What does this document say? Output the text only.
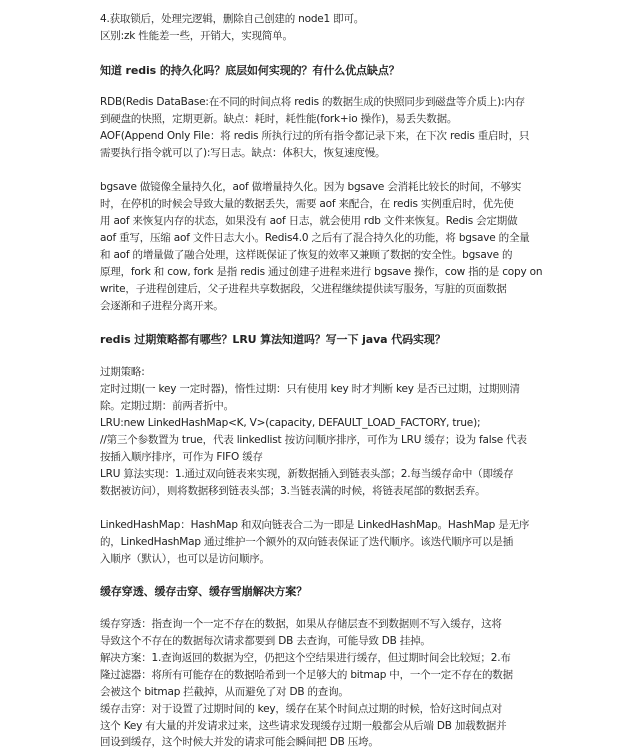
4.获取锁后，处理完逻辑，删除自己创建的 node1 即可。
区别:zk 性能差一些，开销大，实现简单。
知道 redis 的持久化吗？底层如何实现的？有什么优点缺点？
RDB(Redis DataBase:在不同的时间点将 redis 的数据生成的快照同步到磁盘等介质上):内存
到硬盘的快照，定期更新。缺点：耗时，耗性能(fork+io 操作)，易丢失数据。
AOF(Append Only File：将 redis 所执行过的所有指令都记录下来，在下次 redis 重启时，只
需要执行指令就可以了):写日志。缺点：体积大，恢复速度慢。
bgsave 做镜像全量持久化，aof 做增量持久化。因为 bgsave 会消耗比较长的时间，不够实
时，在停机的时候会导致大量的数据丢失，需要 aof 来配合，在 redis 实例重启时，优先使
用 aof 来恢复内存的状态，如果没有 aof 日志，就会使用 rdb 文件来恢复。Redis 会定期做
aof 重写，压缩 aof 文件日志大小。Redis4.0 之后有了混合持久化的功能，将 bgsave 的全量
和 aof 的增量做了融合处理，这样既保证了恢复的效率又兼顾了数据的安全性。bgsave 的
原理，fork 和 cow, fork 是指 redis 通过创建子进程来进行 bgsave 操作，cow 指的是 copy on
write，子进程创建后，父子进程共享数据段，父进程继续提供读写服务，写脏的页面数据
会逐渐和子进程分离开来。
redis 过期策略都有哪些？LRU 算法知道吗？写一下 java 代码实现？
过期策略:
定时过期(一 key 一定时器)，惰性过期：只有使用 key 时才判断 key 是否已过期，过期则清
除。定期过期：前两者折中。
LRU:new LinkedHashMap<K, V>(capacity, DEFAULT_LOAD_FACTORY, true);
//第三个参数置为 true，代表 linkedlist 按访问顺序排序，可作为 LRU 缓存；设为 false 代表
按插入顺序排序，可作为 FIFO 缓存
LRU 算法实现：1.通过双向链表来实现，新数据插入到链表头部；2.每当缓存命中（即缓存
数据被访问），则将数据移到链表头部；3.当链表满的时候，将链表尾部的数据丢弃。
LinkedHashMap：HashMap 和双向链表合二为一即是 LinkedHashMap。HashMap 是无序
的，LinkedHashMap 通过维护一个额外的双向链表保证了迭代顺序。该迭代顺序可以是插
入顺序（默认），也可以是访问顺序。
缓存穿透、缓存击穿、缓存雪崩解决方案？
缓存穿透：指查询一个一定不存在的数据，如果从存储层查不到数据则不写入缓存，这将
导致这个不存在的数据每次请求都要到 DB 去查询，可能导致 DB 挂掉。
解决方案：1.查询返回的数据为空，仍把这个空结果进行缓存，但过期时间会比较短；2.布
隆过滤器：将所有可能存在的数据哈希到一个足够大的 bitmap 中，一个一定不存在的数据
会被这个 bitmap 拦截掉，从而避免了对 DB 的查询。
缓存击穿：对于设置了过期时间的 key，缓存在某个时间点过期的时候，恰好这时间点对
这个 Key 有大量的并发请求过来，这些请求发现缓存过期一般都会从后端 DB 加载数据并
回设到缓存，这个时候大并发的请求可能会瞬间把 DB 压垮。
